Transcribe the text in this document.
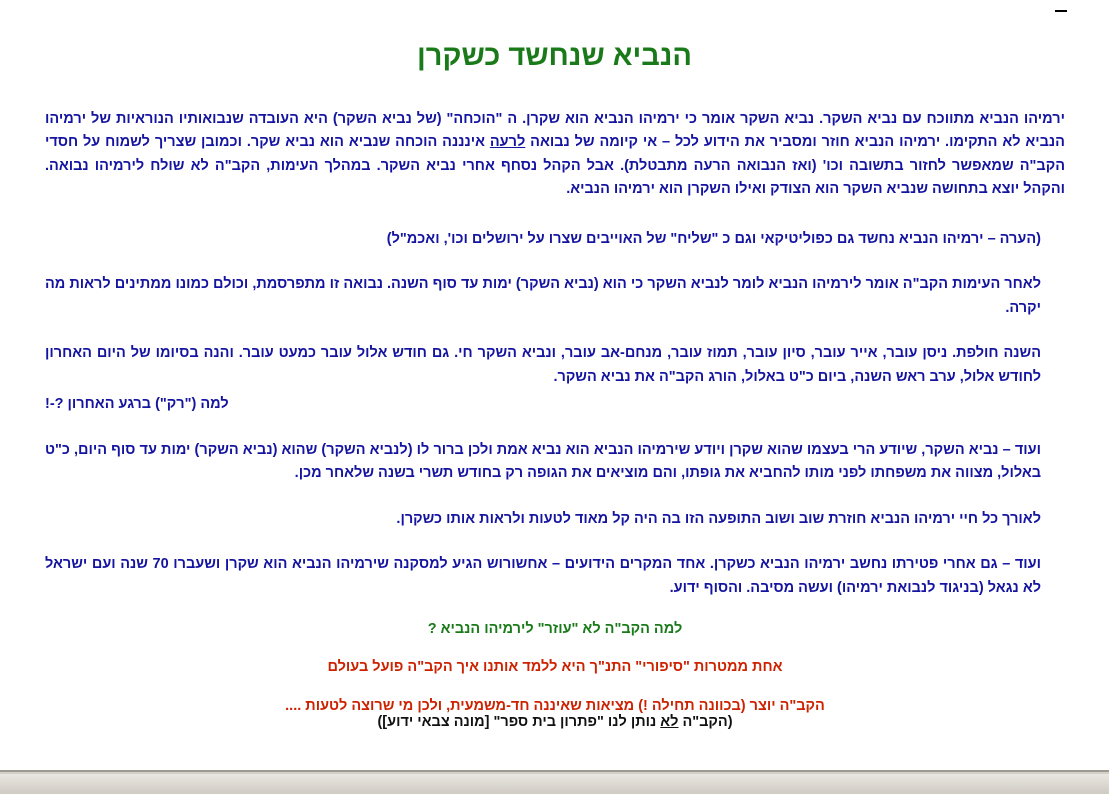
הנביא שנחשד כשקרן

ירמיהו הנביא מתווכח עם נביא השקר. נביא השקר אומר כי ירמיהו הנביא הוא שקרן. ה "הוכחה" (של נביא השקר) היא העובדה שנבואותיו הנוראיות של ירמיהו הנביא לא התקימו. ירמיהו הנביא חוזר ומסביר את הידוע לכל – אי קיומה של נבואה לרעה אינננה הוכחה שנביא הוא נביא שקר. וכמובן שצריך לשמוח על חסדי הקב"ה שמאפשר לחזור בתשובה וכו' (ואז הנבואה הרעה מתבטלת). אבל הקהל נסחף אחרי נביא השקר. במהלך העימות, הקב"ה לא שולח לירמיהו נבואה. והקהל יוצא בתחושה שנביא השקר הוא הצודק ואילו השקרן הוא ירמיהו הנביא.

(הערה – ירמיהו הנביא נחשד גם כפוליטיקאי וגם כ "שליח" של האוייבים שצרו על ירושלים וכו', ואכמ"ל)

לאחר העימות הקב"ה אומר לירמיהו הנביא לומר לנביא השקר כי הוא (נביא השקר) ימות עד סוף השנה. נבואה זו מתפרסמת, וכולם כמונו ממתינים לראות מה יקרה.

השנה חולפת. ניסן עובר, אייר עובר, סיון עובר, תמוז עובר, מנחם-אב עובר, ונביא השקר חי. גם חודש אלול עובר כמעט עובר. והנה בסיומו של היום האחרון לחודש אלול, ערב ראש השנה, ביום כ"ט באלול, הורג הקב"ה את נביא השקר.

למה ("רק") ברגע האחרון ?-!

ועוד – נביא השקר, שיודע הרי בעצמו שהוא שקרן ויודע שירמיהו הנביא הוא נביא אמת ולכן ברור לו (לנביא השקר) שהוא (נביא השקר) ימות עד סוף היום, כ"ט באלול, מצווה את משפחתו לפני מותו להחביא את גופתו, והם מוציאים את הגופה רק בחודש תשרי בשנה שלאחר מכן.

לאורך כל חיי ירמיהו הנביא חוזרת שוב ושוב התופעה הזו בה היה קל מאוד לטעות ולראות אותו כשקרן.

ועוד – גם אחרי פטירתו נחשב ירמיהו הנביא כשקרן. אחד המקרים הידועים – אחשורוש הגיע למסקנה שירמיהו הנביא הוא שקרן ושעברו 70 שנה ועם ישראל לא נגאל (בניגוד לנבואת ירמיהו) ועשה מסיבה. והסוף ידוע.

למה הקב"ה לא "עוזר" לירמיהו הנביא ?
אחת ממטרות "סיפורי" התנ"ך היא ללמד אותנו איך הקב"ה פועל בעולם
הקב"ה יוצר (בכוונה תחילה !) מציאות שאיננה חד-משמעית, ולכן מי שרוצה לטעות ....
(הקב"ה לא נותן לנו "פתרון בית ספר" [מונה צבאי ידוע])
